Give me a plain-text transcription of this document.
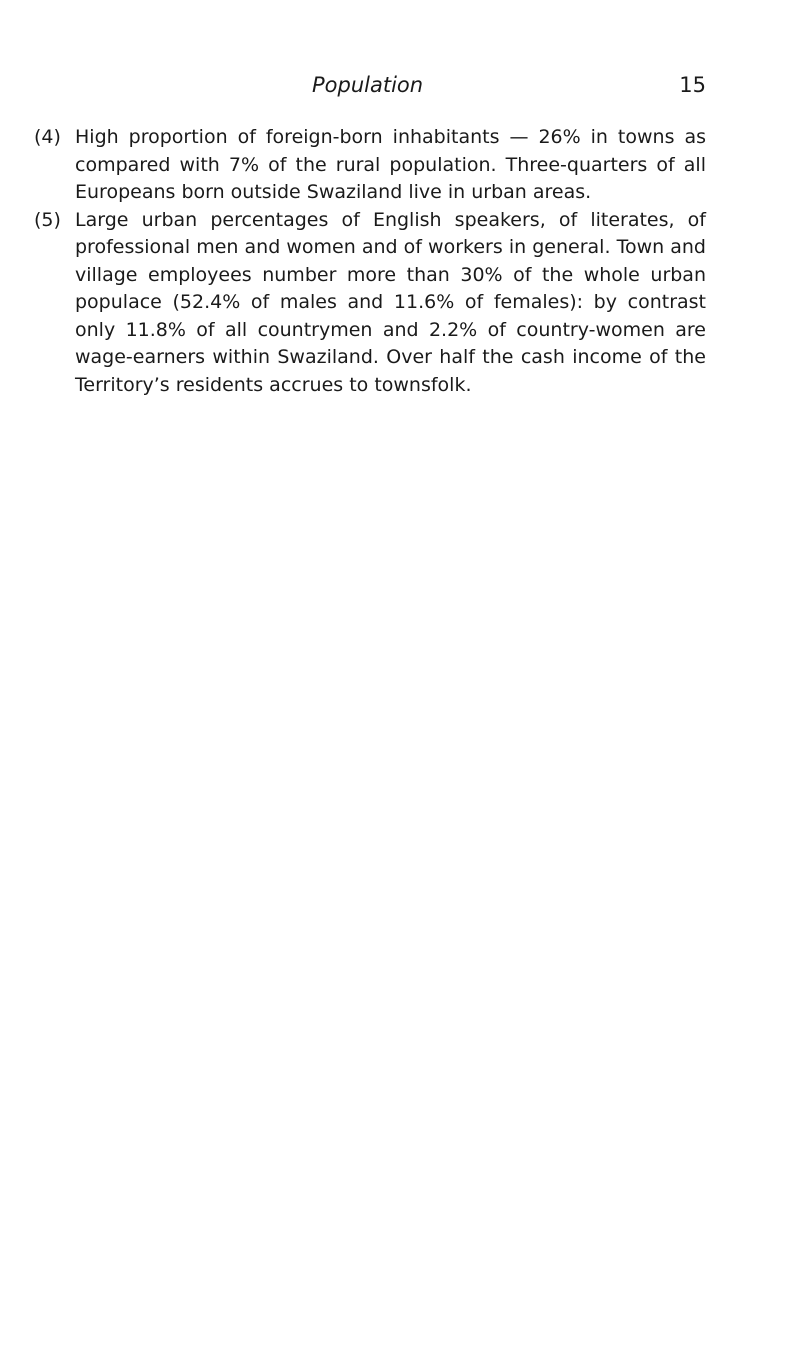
Population	15
(4) High proportion of foreign-born inhabitants — 26% in towns as compared with 7% of the rural population. Three-quarters of all Europeans born outside Swaziland live in urban areas.

(5) Large urban percentages of English speakers, of literates, of professional men and women and of workers in general. Town and village employees number more than 30% of the whole urban populace (52.4% of males and 11.6% of females): by contrast only 11.8% of all countrymen and 2.2% of country-women are wage-earners within Swaziland. Over half the cash income of the Territory’s residents accrues to townsfolk.
